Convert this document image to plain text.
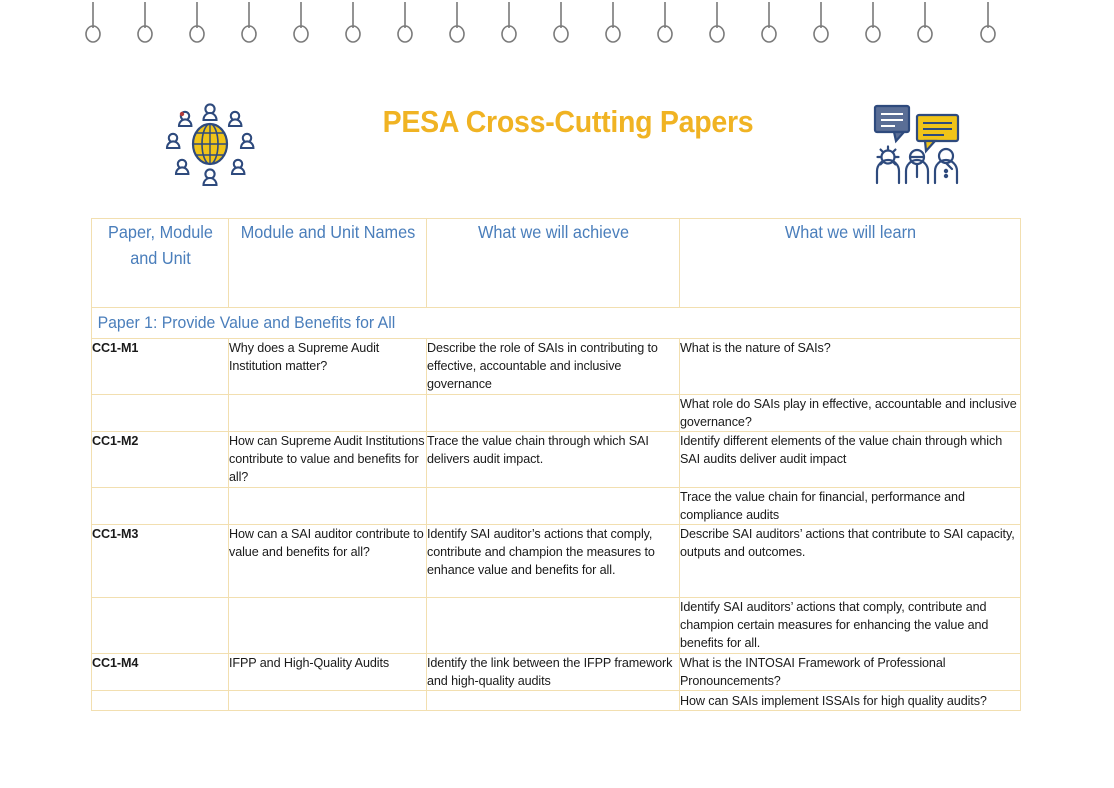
PESA Cross-Cutting Papers
Paper, Module and Unit	Module and Unit Names	What we will achieve	What we will learn

Paper 1: Provide Value and Benefits for All			

CC1-M1	Why does a Supreme Audit Institution matter?	Describe the role of SAIs in contributing to effective, accountable and inclusive governance	What is the nature of SAIs?
			What role do SAIs play in effective, accountable and inclusive governance?
CC1-M2	How can Supreme Audit Institutions contribute to value and benefits for all?	Trace the value chain through which SAI delivers audit impact.	Identify different elements of the value chain through which SAI audits deliver audit impact
			Trace the value chain for financial, performance and compliance audits
CC1-M3	How can a SAI auditor contribute to value and benefits for all?	Identify SAI auditor’s actions that comply, contribute and champion the measures to enhance value and benefits for all.	Describe SAI auditors’ actions that contribute to SAI capacity, outputs and outcomes.
			Identify SAI auditors’ actions that comply, contribute and champion certain measures for enhancing the value and benefits for all.
CC1-M4	IFPP and High-Quality Audits	Identify the link between the IFPP framework and high-quality audits	What is the INTOSAI Framework of Professional Pronouncements?
			How can SAIs implement ISSAIs for high quality audits?
